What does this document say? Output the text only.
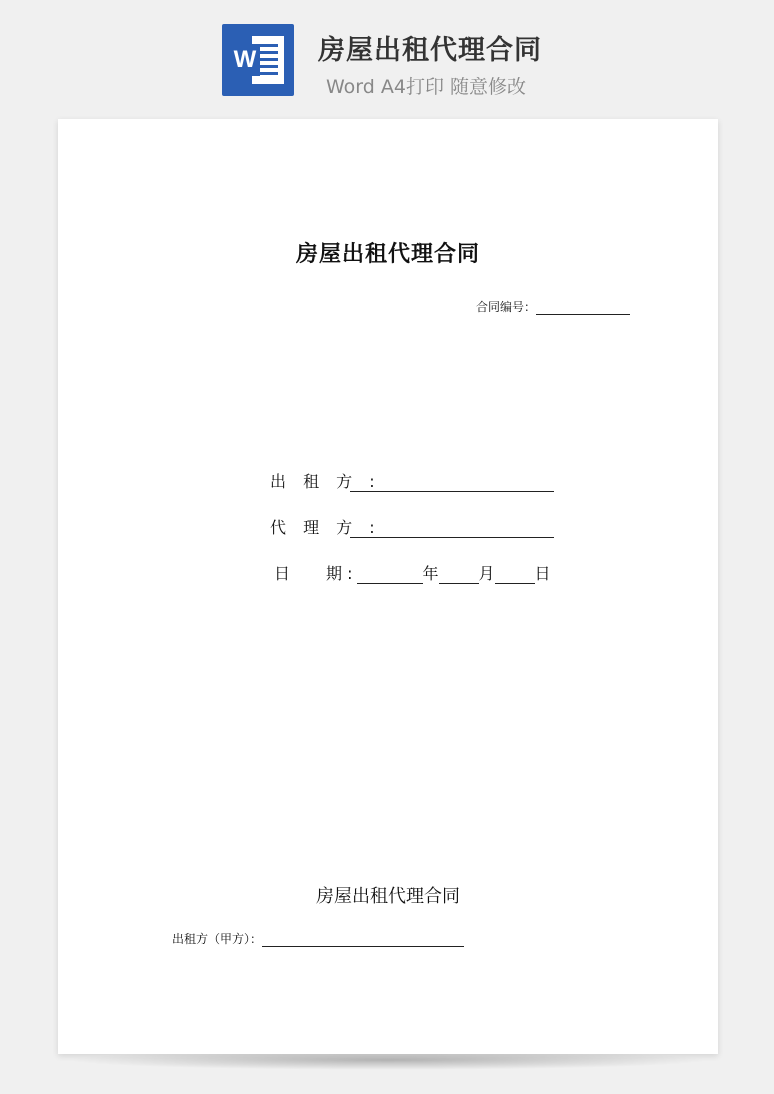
W 房屋出租代理合同
Word A4打印 随意修改
房屋出租代理合同
合同编号：
出 租 方 :
代 理 方 :
日 期 :	年	月	日
房屋出租代理合同
出租方（甲方）：
